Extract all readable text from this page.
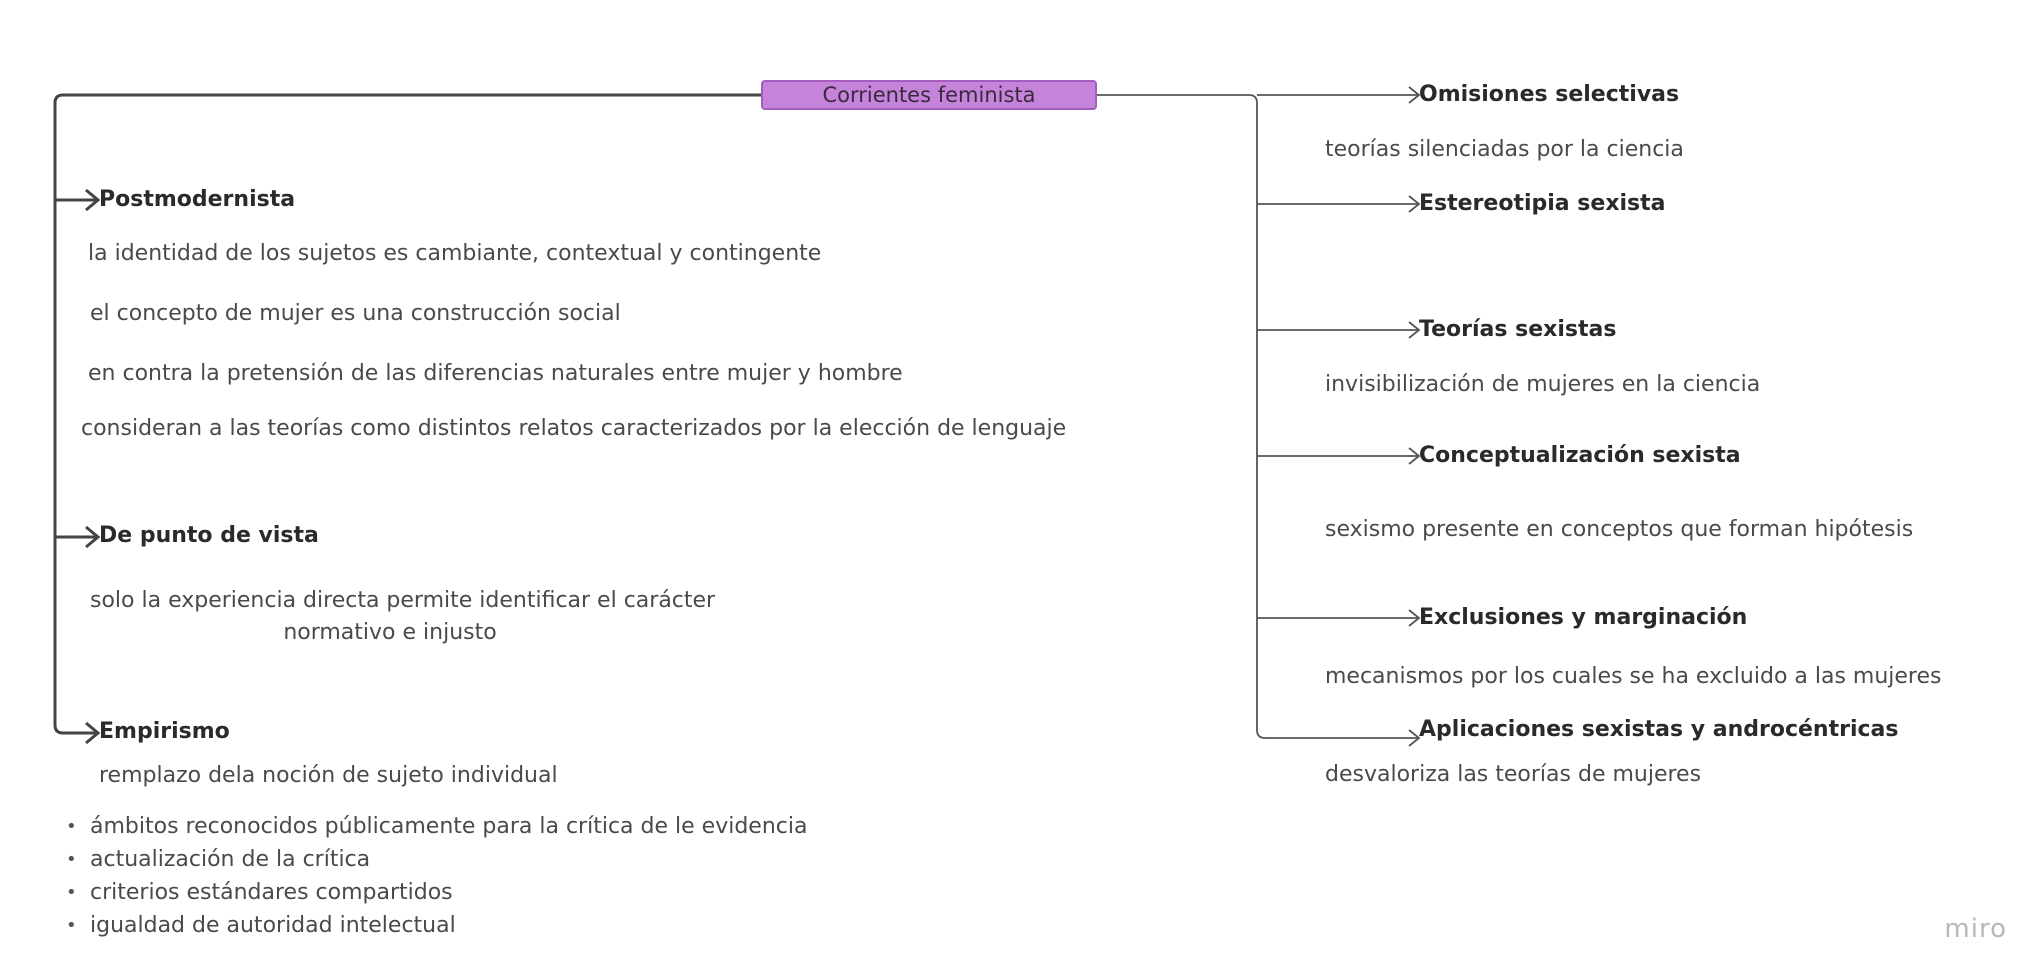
Corrientes feminista
Postmodernista
la identidad de los sujetos es cambiante, contextual y contingente
el concepto de mujer es una construcción social
en contra la pretensión de las diferencias naturales entre mujer y hombre
consideran a las teorías como distintos relatos caracterizados por la elección de lenguaje
De punto de vista
solo la experiencia directa permite identificar el carácter
normativo e injusto
Empirismo
remplazo dela noción de sujeto individual
• ámbitos reconocidos públicamente para la crítica de le evidencia
• actualización de la crítica
• criterios estándares compartidos
• igualdad de autoridad intelectual
Omisiones selectivas
teorías silenciadas por la ciencia
Estereotipia sexista
Teorías sexistas
invisibilización de mujeres en la ciencia
Conceptualización sexista
sexismo presente en conceptos que forman hipótesis
Exclusiones y marginación
mecanismos por los cuales se ha excluido a las mujeres
Aplicaciones sexistas y androcéntricas
desvaloriza las teorías de mujeres
miro
